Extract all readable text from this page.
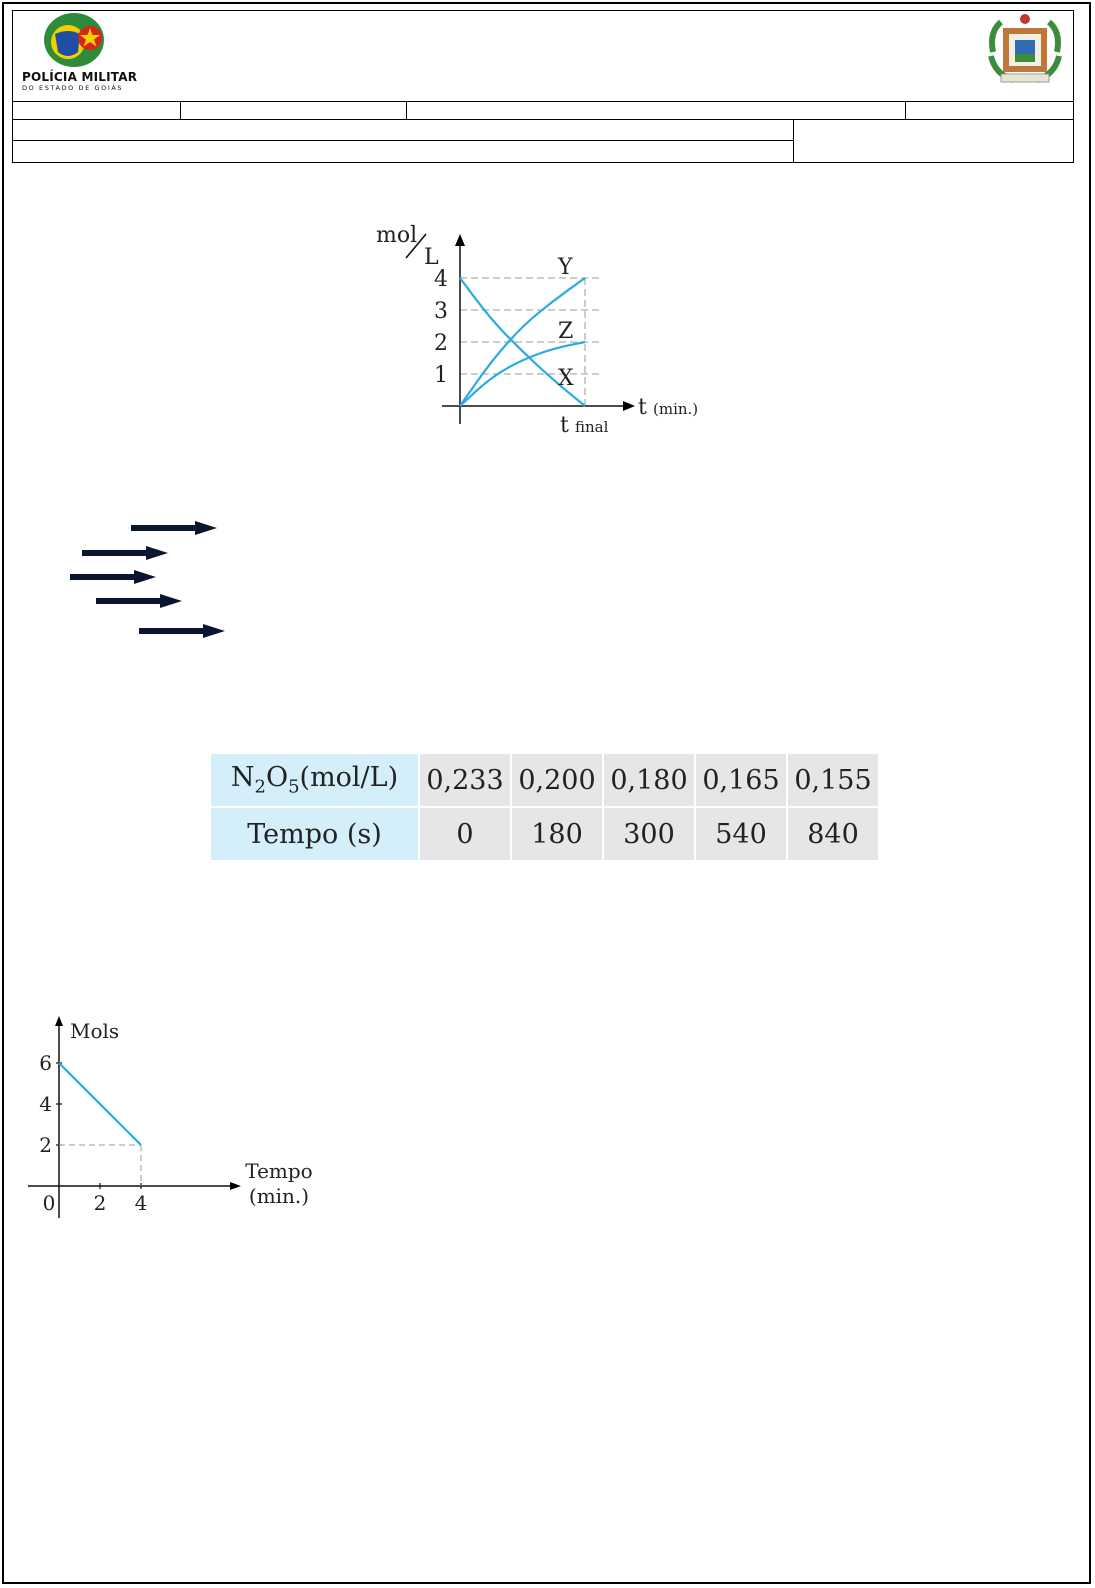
POLÍCIA MILITAR
DO ESTADO DE GOIÁS
1
2
3
4
mol
L
t (min.)
t final
X
Y
Z
$N_2O_5(mol/L)$	0,233	0,200	0,180	0,165	0,155
Tempo (s)	0	180	300	540	840
2
4
6
0 2 4
Mols
Tempo
(min.)
